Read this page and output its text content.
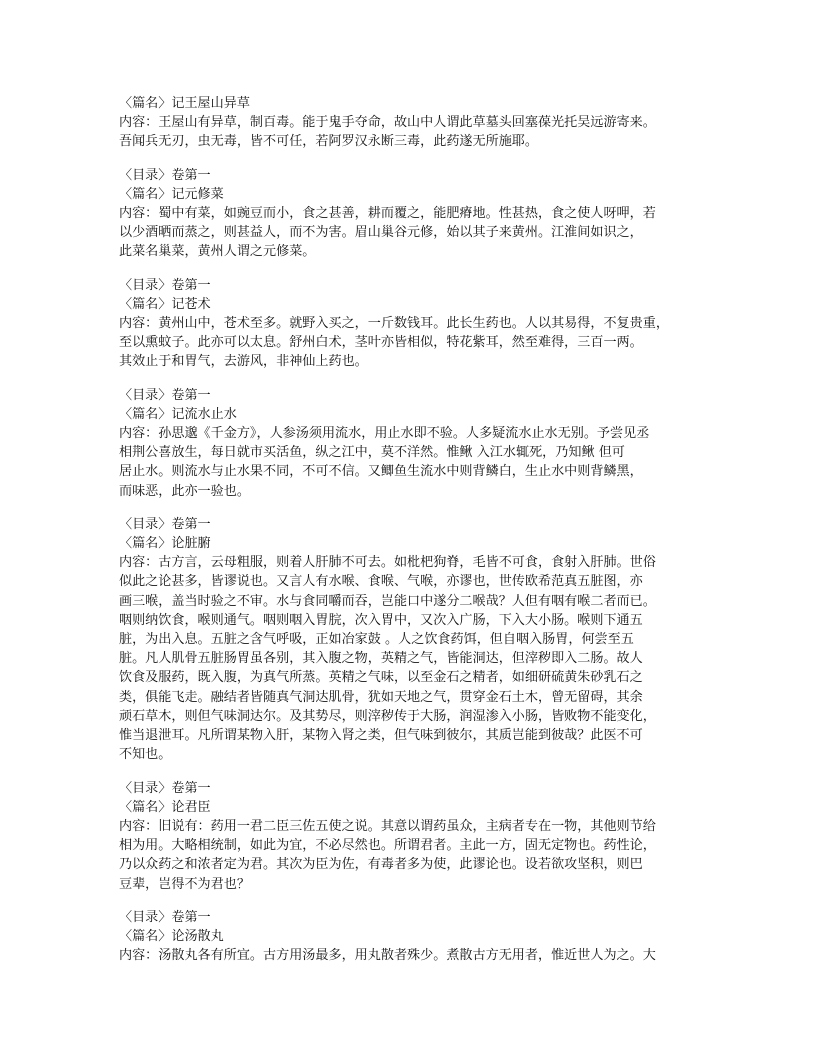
〈篇名〉记王屋山异草
内容：王屋山有异草，制百毒。能于鬼手夺命，故山中人谓此草墓头回塞葆光托吴远游寄来。
吾闻兵无刃，虫无毒，皆不可任，若阿罗汉永断三毒，此药遂无所施耶。
〈目录〉卷第一
〈篇名〉记元修菜
内容：蜀中有菜，如豌豆而小，食之甚善，耕而覆之，能肥瘠地。性甚热，食之使人呀呷，若
以少酒晒而蒸之，则甚益人，而不为害。眉山巢谷元修，始以其子来黄州。江淮间如识之，
此菜名巢菜，黄州人谓之元修菜。
〈目录〉卷第一
〈篇名〉记苍术
内容：黄州山中，苍术至多。就野入买之，一斤数钱耳。此长生药也。人以其易得，不复贵重，
至以熏蚊子。此亦可以太息。舒州白术，茎叶亦皆相似，特花紫耳，然至难得，三百一两。
其效止于和胃气，去游风，非神仙上药也。
〈目录〉卷第一
〈篇名〉记流水止水
内容：孙思邈《千金方》，人参汤须用流水，用止水即不验。人多疑流水止水无别。予尝见丞
相荆公喜放生，每日就市买活鱼，纵之江中，莫不洋然。惟鳅 入江水辄死，乃知鳅 但可
居止水。则流水与止水果不同，不可不信。又鲫鱼生流水中则背鳞白，生止水中则背鳞黑，
而味恶，此亦一验也。
〈目录〉卷第一
〈篇名〉论脏腑
内容：古方言，云母粗服，则着人肝肺不可去。如枇杷狗脊，毛皆不可食，食射入肝肺。世俗
似此之论甚多，皆谬说也。又言人有水喉、食喉、气喉，亦谬也，世传欧希范真五脏图，亦
画三喉，盖当时验之不审。水与食同嚼而吞，岂能口中遂分二喉哉？人但有咽有喉二者而已。
咽则纳饮食，喉则通气。咽则咽入胃脘，次入胃中，又次入广肠，下入大小肠。喉则下通五
脏，为出入息。五脏之含气呼吸，正如冶家鼓 。人之饮食药饵，但自咽入肠胃，何尝至五
脏。凡人肌骨五脏肠胃虽各别，其入腹之物，英精之气，皆能洞达，但滓秽即入二肠。故人
饮食及服药，既入腹，为真气所蒸。英精之气味，以至金石之精者，如细研硫黄朱砂乳石之
类，俱能飞走。融结者皆随真气洞达肌骨，犹如天地之气，贯穿金石土木，曾无留碍，其余
顽石草木，则但气味洞达尔。及其势尽，则滓秽传于大肠，润湿渗入小肠，皆败物不能变化，
惟当退泄耳。凡所谓某物入肝，某物入肾之类，但气味到彼尔，其质岂能到彼哉？此医不可
不知也。
〈目录〉卷第一
〈篇名〉论君臣
内容：旧说有：药用一君二臣三佐五使之说。其意以谓药虽众，主病者专在一物，其他则节给
相为用。大略相统制，如此为宜，不必尽然也。所谓君者。主此一方，固无定物也。药性论，
乃以众药之和浓者定为君。其次为臣为佐，有毒者多为使，此谬论也。设若欲攻坚积，则巴
豆辈，岂得不为君也？
〈目录〉卷第一
〈篇名〉论汤散丸
内容：汤散丸各有所宜。古方用汤最多，用丸散者殊少。煮散古方无用者，惟近世人为之。大
